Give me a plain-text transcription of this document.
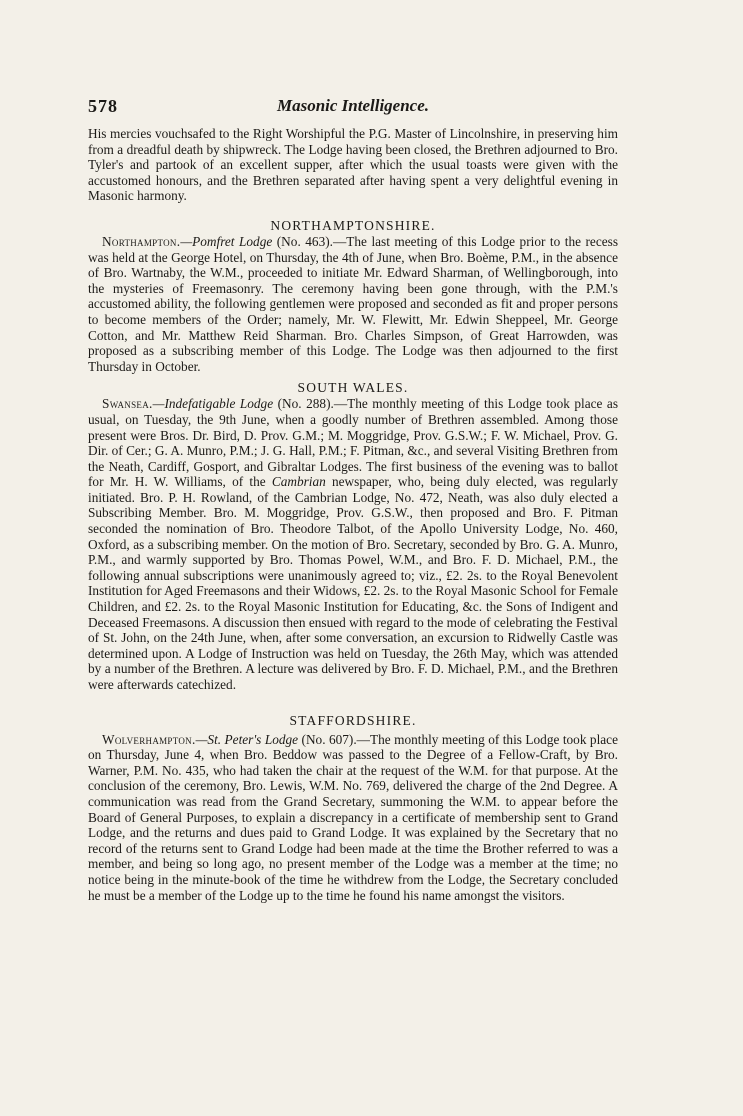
578	Masonic Intelligence.

His mercies vouchsafed to the Right Worshipful the P.G. Master of Lincolnshire, in preserving him from a dreadful death by shipwreck. The Lodge having been closed, the Brethren adjourned to Bro. Tyler's and partook of an excellent supper, after which the usual toasts were given with the accustomed honours, and the Brethren separated after having spent a very delightful evening in Masonic harmony.

NORTHAMPTONSHIRE.

Northampton.—Pomfret Lodge (No. 463).—The last meeting of this Lodge prior to the recess was held at the George Hotel, on Thursday, the 4th of June, when Bro. Boème, P.M., in the absence of Bro. Wartnaby, the W.M., proceeded to initiate Mr. Edward Sharman, of Wellingborough, into the mysteries of Freemasonry. The ceremony having been gone through, with the P.M.'s accustomed ability, the following gentlemen were proposed and seconded as fit and proper persons to become members of the Order; namely, Mr. W. Flewitt, Mr. Edwin Sheppeel, Mr. George Cotton, and Mr. Matthew Reid Sharman. Bro. Charles Simpson, of Great Harrowden, was proposed as a subscribing member of this Lodge. The Lodge was then adjourned to the first Thursday in October.

SOUTH WALES.

Swansea.—Indefatigable Lodge (No. 288).—The monthly meeting of this Lodge took place as usual, on Tuesday, the 9th June, when a goodly number of Brethren assembled. Among those present were Bros. Dr. Bird, D. Prov. G.M.; M. Moggridge, Prov. G.S.W.; F. W. Michael, Prov. G. Dir. of Cer.; G. A. Munro, P.M.; J. G. Hall, P.M.; F. Pitman, &c., and several Visiting Brethren from the Neath, Cardiff, Gosport, and Gibraltar Lodges. The first business of the evening was to ballot for Mr. H. W. Williams, of the Cambrian newspaper, who, being duly elected, was regularly initiated. Bro. P. H. Rowland, of the Cambrian Lodge, No. 472, Neath, was also duly elected a Subscribing Member. Bro. M. Moggridge, Prov. G.S.W., then proposed and Bro. F. Pitman seconded the nomination of Bro. Theodore Talbot, of the Apollo University Lodge, No. 460, Oxford, as a subscribing member. On the motion of Bro. Secretary, seconded by Bro. G. A. Munro, P.M., and warmly supported by Bro. Thomas Powel, W.M., and Bro. F. D. Michael, P.M., the following annual subscriptions were unanimously agreed to; viz., £2. 2s. to the Royal Benevolent Institution for Aged Freemasons and their Widows, £2. 2s. to the Royal Masonic School for Female Children, and £2. 2s. to the Royal Masonic Institution for Educating, &c. the Sons of Indigent and Deceased Freemasons. A discussion then ensued with regard to the mode of celebrating the Festival of St. John, on the 24th June, when, after some conversation, an excursion to Ridwelly Castle was determined upon. A Lodge of Instruction was held on Tuesday, the 26th May, which was attended by a number of the Brethren. A lecture was delivered by Bro. F. D. Michael, P.M., and the Brethren were afterwards catechized.

STAFFORDSHIRE.

Wolverhampton.—St. Peter's Lodge (No. 607).—The monthly meeting of this Lodge took place on Thursday, June 4, when Bro. Beddow was passed to the Degree of a Fellow-Craft, by Bro. Warner, P.M. No. 435, who had taken the chair at the request of the W.M. for that purpose. At the conclusion of the ceremony, Bro. Lewis, W.M. No. 769, delivered the charge of the 2nd Degree. A communication was read from the Grand Secretary, summoning the W.M. to appear before the Board of General Purposes, to explain a discrepancy in a certificate of membership sent to Grand Lodge, and the returns and dues paid to Grand Lodge. It was explained by the Secretary that no record of the returns sent to Grand Lodge had been made at the time the Brother referred to was a member, and being so long ago, no present member of the Lodge was a member at the time; no notice being in the minute-book of the time he withdrew from the Lodge, the Secretary concluded he must be a member of the Lodge up to the time he found his name amongst the visitors.
